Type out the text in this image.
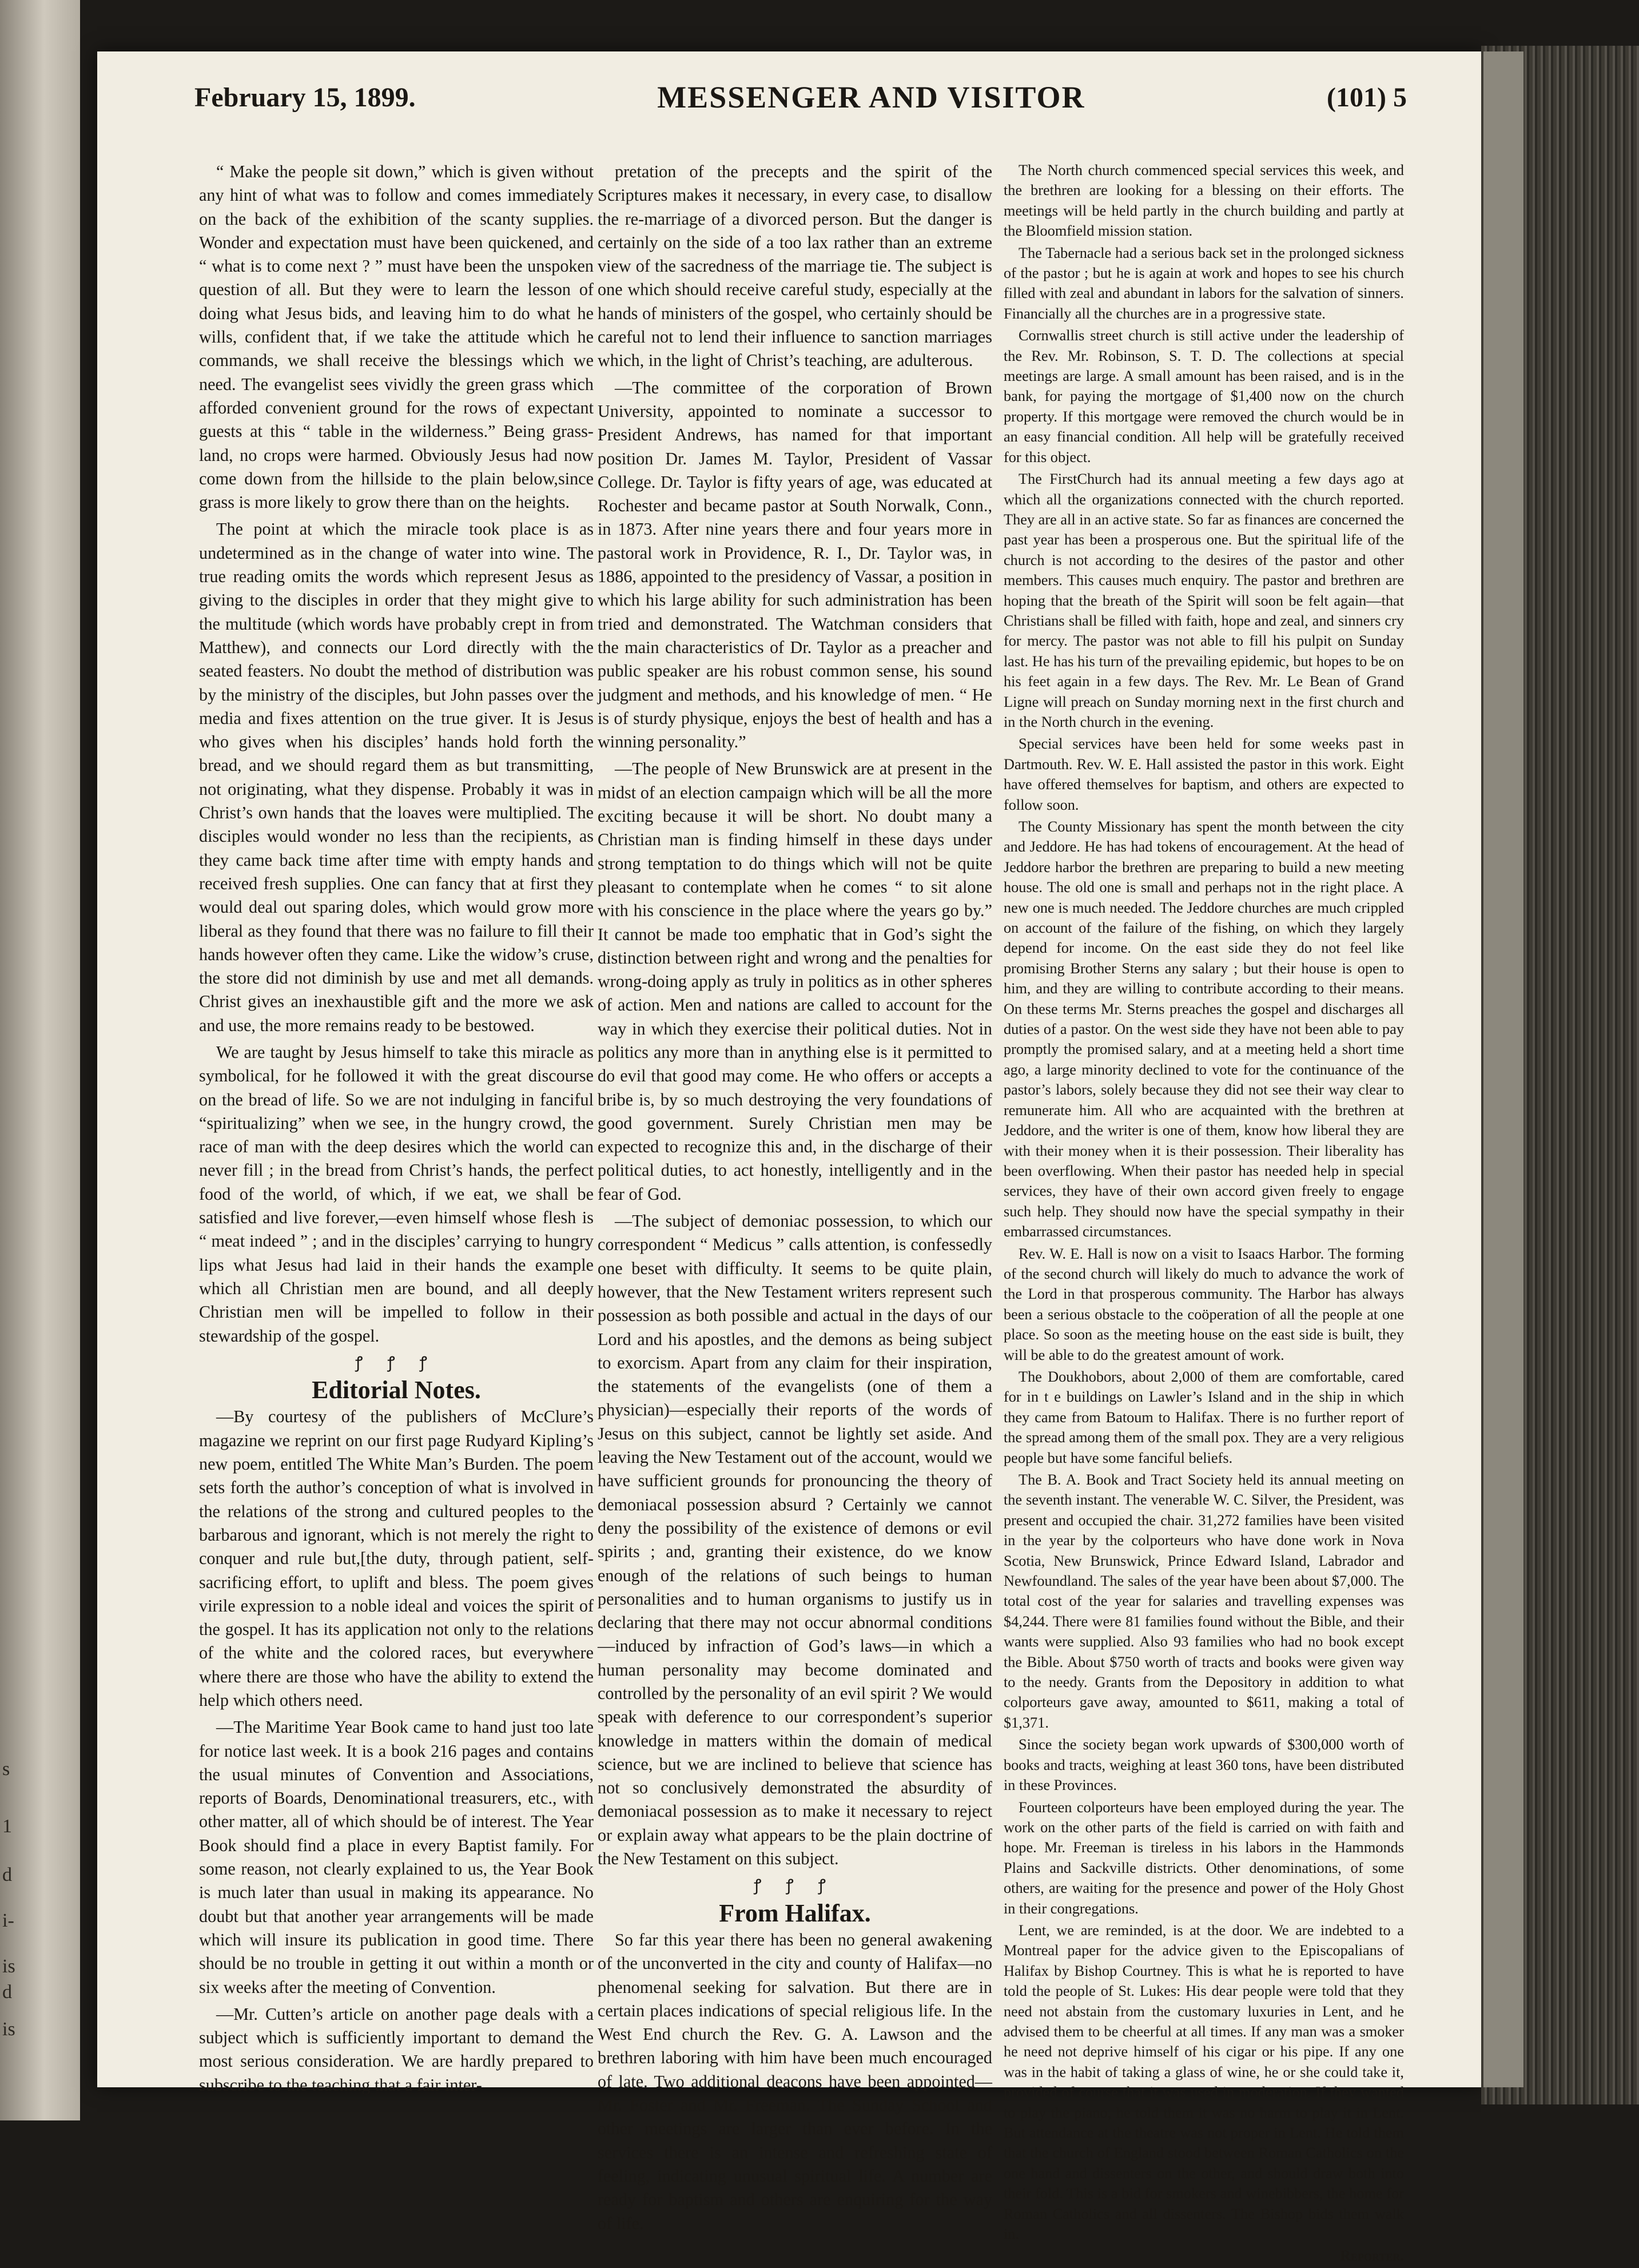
s
1
d
i-
is
d
is
February 15, 1899.	MESSENGER AND VISITOR	(101) 5

“ Make the people sit down,” which is given without any hint of what was to follow and comes immediately on the back of the exhibition of the scanty supplies. Wonder and expectation must have been quickened, and “ what is to come next ? ” must have been the unspoken question of all. But they were to learn the lesson of doing what Jesus bids, and leaving him to do what he wills, confident that, if we take the attitude which he commands, we shall receive the blessings which we need. The evangelist sees vividly the green grass which afforded convenient ground for the rows of expectant guests at this “ table in the wilderness.” Being grass-land, no crops were harmed. Obviously Jesus had now come down from the hillside to the plain below,since grass is more likely to grow there than on the heights.

The point at which the miracle took place is as undetermined as in the change of water into wine. The true reading omits the words which represent Jesus as giving to the disciples in order that they might give to the multitude (which words have probably crept in from Matthew), and connects our Lord directly with the seated feasters. No doubt the method of distribution was by the ministry of the disciples, but John passes over the media and fixes attention on the true giver. It is Jesus who gives when his disciples’ hands hold forth the bread, and we should regard them as but transmitting, not originating, what they dispense. Probably it was in Christ’s own hands that the loaves were multiplied. The disciples would wonder no less than the recipients, as they came back time after time with empty hands and received fresh supplies. One can fancy that at first they would deal out sparing doles, which would grow more liberal as they found that there was no failure to fill their hands however often they came. Like the widow’s cruse, the store did not diminish by use and met all demands. Christ gives an inexhaustible gift and the more we ask and use, the more remains ready to be bestowed.

We are taught by Jesus himself to take this miracle as symbolical, for he followed it with the great discourse on the bread of life. So we are not indulging in fanciful “spiritualizing” when we see, in the hungry crowd, the race of man with the deep desires which the world can never fill ; in the bread from Christ’s hands, the perfect food of the world, of which, if we eat, we shall be satisfied and live forever,—even himself whose flesh is “ meat indeed ” ; and in the disciples’ carrying to hungry lips what Jesus had laid in their hands the example which all Christian men are bound, and all deeply Christian men will be impelled to follow in their stewardship of the gospel.

ꝭ ꝭ ꝭ

Editorial Notes.

—By courtesy of the publishers of McClure’s magazine we reprint on our first page Rudyard Kipling’s new poem, entitled The White Man’s Burden. The poem sets forth the author’s conception of what is involved in the relations of the strong and cultured peoples to the barbarous and ignorant, which is not merely the right to conquer and rule but,[the duty, through patient, self-sacrificing effort, to uplift and bless. The poem gives virile expression to a noble ideal and voices the spirit of the gospel. It has its application not only to the relations of the white and the colored races, but everywhere where there are those who have the ability to extend the help which others need.

—The Maritime Year Book came to hand just too late for notice last week. It is a book 216 pages and contains the usual minutes of Convention and Associations, reports of Boards, Denominational treasurers, etc., with other matter, all of which should be of interest. The Year Book should find a place in every Baptist family. For some reason, not clearly explained to us, the Year Book is much later than usual in making its appearance. No doubt but that another year arrangements will be made which will insure its publication in good time. There should be no trouble in getting it out within a month or six weeks after the meeting of Convention.

—Mr. Cutten’s article on another page deals with a subject which is sufficiently important to demand the most serious consideration. We are hardly prepared to subscribe to the teaching that a fair inter-

pretation of the precepts and the spirit of the Scriptures makes it necessary, in every case, to disallow the re-marriage of a divorced person. But the danger is certainly on the side of a too lax rather than an extreme view of the sacredness of the marriage tie. The subject is one which should receive careful study, especially at the hands of ministers of the gospel, who certainly should be careful not to lend their influence to sanction marriages which, in the light of Christ’s teaching, are adulterous.

—The committee of the corporation of Brown University, appointed to nominate a successor to President Andrews, has named for that important position Dr. James M. Taylor, President of Vassar College. Dr. Taylor is fifty years of age, was educated at Rochester and became pastor at South Norwalk, Conn., in 1873. After nine years there and four years more in pastoral work in Providence, R. I., Dr. Taylor was, in 1886, appointed to the presidency of Vassar, a position in which his large ability for such administration has been tried and demonstrated. The Watchman considers that the main characteristics of Dr. Taylor as a preacher and public speaker are his robust common sense, his sound judgment and methods, and his knowledge of men. “ He is of sturdy physique, enjoys the best of health and has a winning personality.”

—The people of New Brunswick are at present in the midst of an election campaign which will be all the more exciting because it will be short. No doubt many a Christian man is finding himself in these days under strong temptation to do things which will not be quite pleasant to contemplate when he comes “ to sit alone with his conscience in the place where the years go by.” It cannot be made too emphatic that in God’s sight the distinction between right and wrong and the penalties for wrong-doing apply as truly in politics as in other spheres of action. Men and nations are called to account for the way in which they exercise their political duties. Not in politics any more than in anything else is it permitted to do evil that good may come. He who offers or accepts a bribe is, by so much destroying the very foundations of good government. Surely Christian men may be expected to recognize this and, in the discharge of their political duties, to act honestly, intelligently and in the fear of God.

—The subject of demoniac possession, to which our correspondent “ Medicus ” calls attention, is confessedly one beset with difficulty. It seems to be quite plain, however, that the New Testament writers represent such possession as both possible and actual in the days of our Lord and his apostles, and the demons as being subject to exorcism. Apart from any claim for their inspiration, the statements of the evangelists (one of them a physician)—especially their reports of the words of Jesus on this subject, cannot be lightly set aside. And leaving the New Testament out of the account, would we have sufficient grounds for pronouncing the theory of demoniacal possession absurd ? Certainly we cannot deny the possibility of the existence of demons or evil spirits ; and, granting their existence, do we know enough of the relations of such beings to human personalities and to human organisms to justify us in declaring that there may not occur abnormal conditions—induced by infraction of God’s laws—in which a human personality may become dominated and controlled by the personality of an evil spirit ? We would speak with deference to our correspondent’s superior knowledge in matters within the domain of medical science, but we are inclined to believe that science has not so conclusively demonstrated the absurdity of demoniacal possession as to make it necessary to reject or explain away what appears to be the plain doctrine of the New Testament on this subject.

ꝭ ꝭ ꝭ

From Halifax.

So far this year there has been no general awakening of the unconverted in the city and county of Halifax—no phenomenal seeking for salvation. But there are in certain places indications of special religious life. In the West End church the Rev. G. A. Lawson and the brethren laboring with him have been much encouraged of late. Two additional deacons have been appointed—Mr. Foster and Mr. Freeman. The Sunday School and other meetings are larger than ever before. In the services there is an intense and refreshing state of feeling, indicating unusual spiritual life. A number are ready for baptism and others are enquiring for the way of life.

The North church commenced special services this week, and the brethren are looking for a blessing on their efforts. The meetings will be held partly in the church building and partly at the Bloomfield mission station.

The Tabernacle had a serious back set in the prolonged sickness of the pastor ; but he is again at work and hopes to see his church filled with zeal and abundant in labors for the salvation of sinners. Financially all the churches are in a progressive state.

Cornwallis street church is still active under the leadership of the Rev. Mr. Robinson, S. T. D. The collections at special meetings are large. A small amount has been raised, and is in the bank, for paying the mortgage of $1,400 now on the church property. If this mortgage were removed the church would be in an easy financial condition. All help will be gratefully received for this object.

The FirstChurch had its annual meeting a few days ago at which all the organizations connected with the church reported. They are all in an active state. So far as finances are concerned the past year has been a prosperous one. But the spiritual life of the church is not according to the desires of the pastor and other members. This causes much enquiry. The pastor and brethren are hoping that the breath of the Spirit will soon be felt again—that Christians shall be filled with faith, hope and zeal, and sinners cry for mercy. The pastor was not able to fill his pulpit on Sunday last. He has his turn of the prevailing epidemic, but hopes to be on his feet again in a few days. The Rev. Mr. Le Bean of Grand Ligne will preach on Sunday morning next in the first church and in the North church in the evening.

Special services have been held for some weeks past in Dartmouth. Rev. W. E. Hall assisted the pastor in this work. Eight have offered themselves for baptism, and others are expected to follow soon.

The County Missionary has spent the month between the city and Jeddore. He has had tokens of encouragement. At the head of Jeddore harbor the brethren are preparing to build a new meeting house. The old one is small and perhaps not in the right place. A new one is much needed. The Jeddore churches are much crippled on account of the failure of the fishing, on which they largely depend for income. On the east side they do not feel like promising Brother Sterns any salary ; but their house is open to him, and they are willing to contribute according to their means. On these terms Mr. Sterns preaches the gospel and discharges all duties of a pastor. On the west side they have not been able to pay promptly the promised salary, and at a meeting held a short time ago, a large minority declined to vote for the continuance of the pastor’s labors, solely because they did not see their way clear to remunerate him. All who are acquainted with the brethren at Jeddore, and the writer is one of them, know how liberal they are with their money when it is their possession. Their liberality has been overflowing. When their pastor has needed help in special services, they have of their own accord given freely to engage such help. They should now have the special sympathy in their embarrassed circumstances.

Rev. W. E. Hall is now on a visit to Isaacs Harbor. The forming of the second church will likely do much to advance the work of the Lord in that prosperous community. The Harbor has always been a serious obstacle to the coöperation of all the people at one place. So soon as the meeting house on the east side is built, they will be able to do the greatest amount of work.

The Doukhobors, about 2,000 of them are comfortable, cared for in t e buildings on Lawler’s Island and in the ship in which they came from Batoum to Halifax. There is no further report of the spread among them of the small pox. They are a very religious people but have some fanciful beliefs.

The B. A. Book and Tract Society held its annual meeting on the seventh instant. The venerable W. C. Silver, the President, was present and occupied the chair. 31,272 families have been visited in the year by the colporteurs who have done work in Nova Scotia, New Brunswick, Prince Edward Island, Labrador and Newfoundland. The sales of the year have been about $7,000. The total cost of the year for salaries and travelling expenses was $4,244. There were 81 families found without the Bible, and their wants were supplied. Also 93 families who had no book except the Bible. About $750 worth of tracts and books were given way to the needy. Grants from the Depository in addition to what colporteurs gave away, amounted to $611, making a total of $1,371.

Since the society began work upwards of $300,000 worth of books and tracts, weighing at least 360 tons, have been distributed in these Provinces.

Fourteen colporteurs have been employed during the year. The work on the other parts of the field is carried on with faith and hope. Mr. Freeman is tireless in his labors in the Hammonds Plains and Sackville districts. Other denominations, of some others, are waiting for the presence and power of the Holy Ghost in their congregations.

Lent, we are reminded, is at the door. We are indebted to a Montreal paper for the advice given to the Episcopalians of Halifax by Bishop Courtney. This is what he is reported to have told the people of St. Lukes: His dear people were told that they need not abstain from the customary luxuries in Lent, and he advised them to be cheerful at all times. If any man was a smoker he need not deprive himself of his cigar or his pipe. If any one was in the habit of taking a glass of wine, he or she could take it, provided of course that it was used in moderation. If they wanted to play the piano, he told them it was no harm to play it in Lent. But attendance at the theatre was not proper in Lent. He told them that the church of England stood between Roman Catholics on the one hand and dissenters on the other, and should draw both into their fold. This is a bid for smokers and winebibbers, the home for Roman Catholics and all dissenters. The Bishop bids them walk in.

Reporter.
